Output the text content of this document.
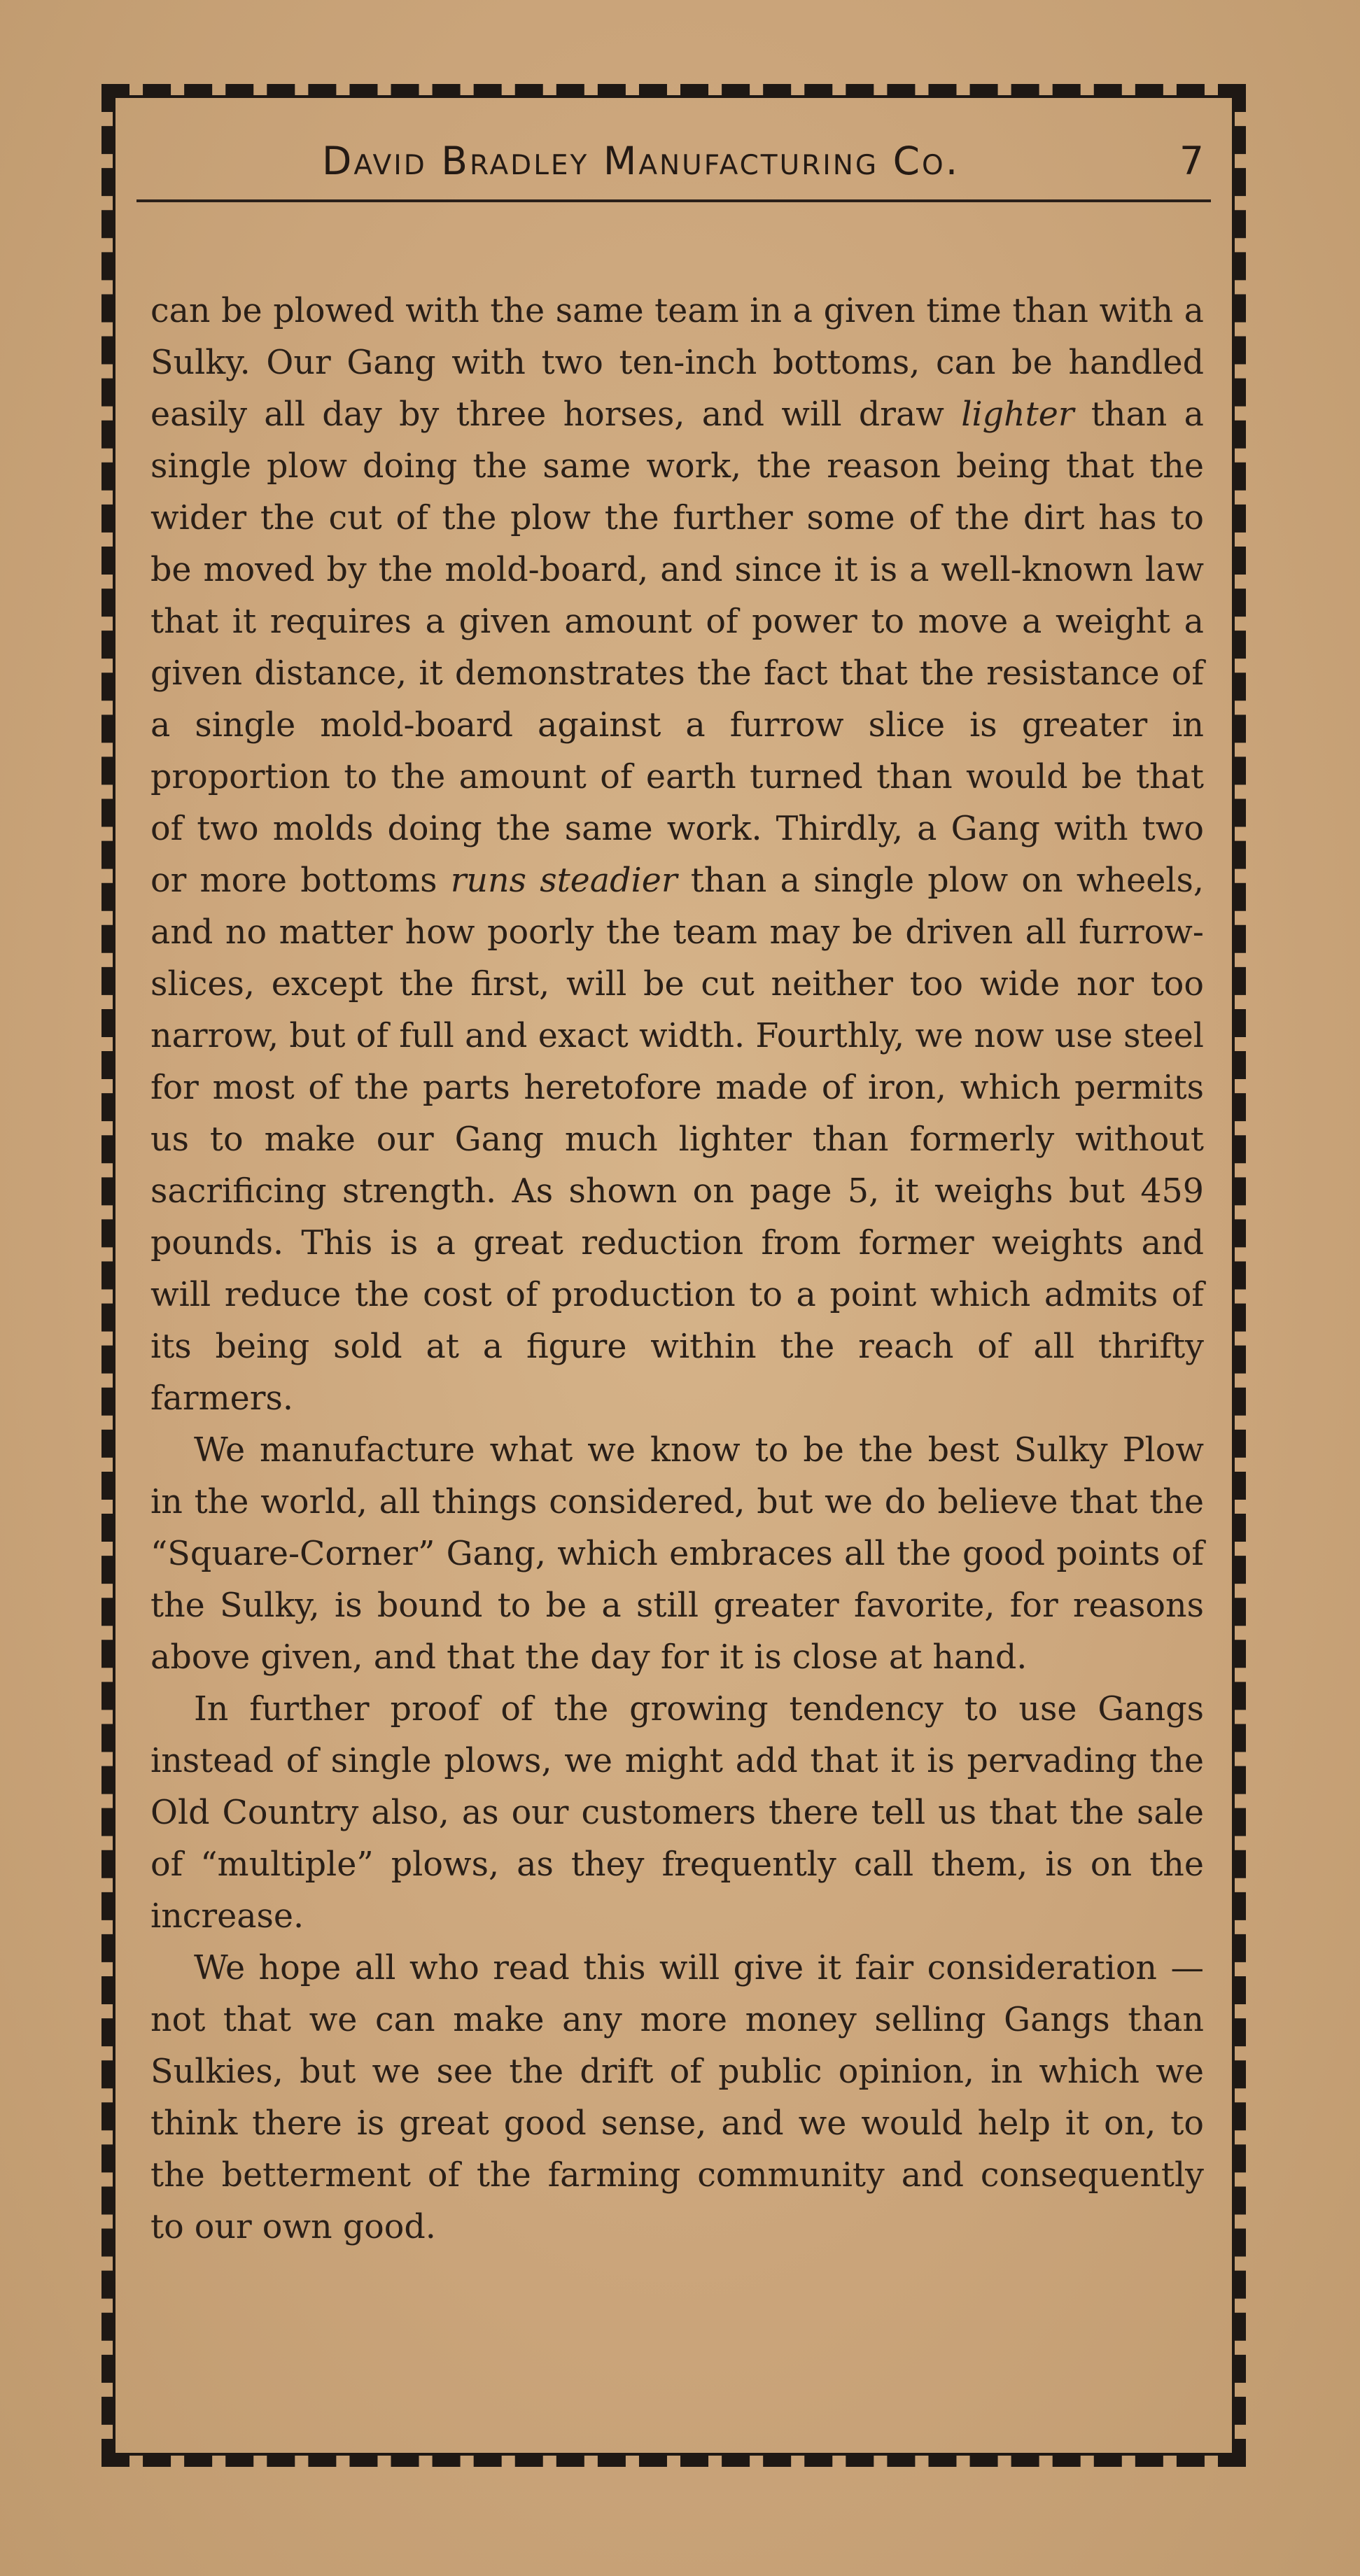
David Bradley Manufacturing Co.	7

can be plowed with the same team in a given time than with a Sulky. Our Gang with two ten-inch bottoms, can be handled easily all day by three horses, and will draw lighter than a single plow doing the same work, the reason being that the wider the cut of the plow the further some of the dirt has to be moved by the mold-board, and since it is a well-known law that it requires a given amount of power to move a weight a given distance, it demonstrates the fact that the resistance of a single mold-board against a furrow slice is greater in proportion to the amount of earth turned than would be that of two molds doing the same work. Thirdly, a Gang with two or more bottoms runs steadier than a single plow on wheels, and no matter how poorly the team may be driven all furrow-slices, except the first, will be cut neither too wide nor too narrow, but of full and exact width. Fourthly, we now use steel for most of the parts heretofore made of iron, which permits us to make our Gang much lighter than formerly without sacrificing strength. As shown on page 5, it weighs but 459 pounds. This is a great reduction from former weights and will reduce the cost of production to a point which admits of its being sold at a figure within the reach of all thrifty farmers.

We manufacture what we know to be the best Sulky Plow in the world, all things considered, but we do believe that the “Square-Corner” Gang, which embraces all the good points of the Sulky, is bound to be a still greater favorite, for reasons above given, and that the day for it is close at hand.

In further proof of the growing tendency to use Gangs instead of single plows, we might add that it is pervading the Old Country also, as our customers there tell us that the sale of “multiple” plows, as they frequently call them, is on the increase.

We hope all who read this will give it fair consideration — not that we can make any more money selling Gangs than Sulkies, but we see the drift of public opinion, in which we think there is great good sense, and we would help it on, to the betterment of the farming community and consequently to our own good.
